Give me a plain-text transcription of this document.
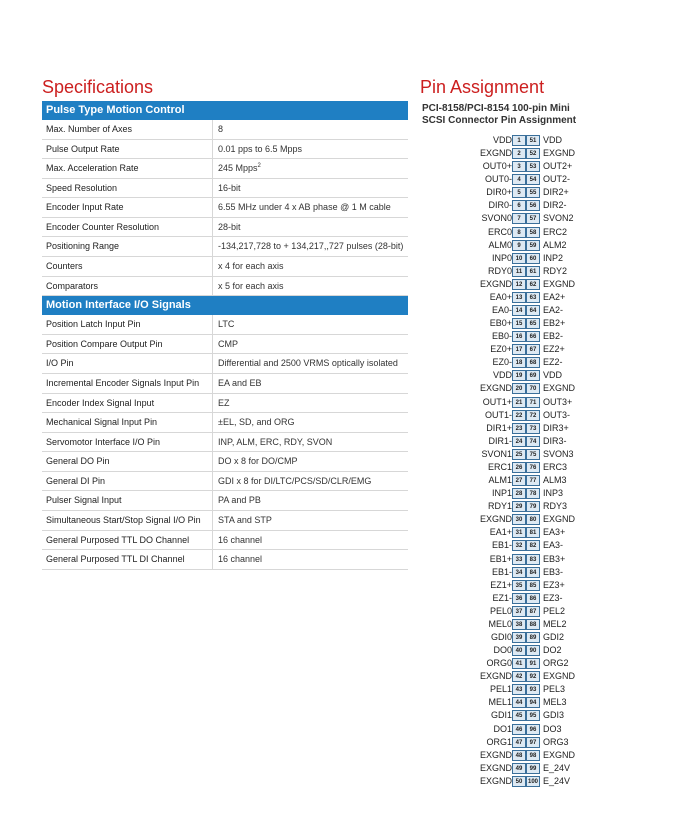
Specifications
Pulse Type Motion Control
Max. Number of Axes	8
Pulse Output Rate	0.01 pps to 6.5 Mpps
Max. Acceleration Rate	245 Mpps$^2$
Speed Resolution	16-bit
Encoder Input Rate	6.55 MHz under 4 x AB phase @ 1 M cable
Encoder Counter Resolution	28-bit
Positioning Range	-134,217,728 to + 134,217,,727 pulses (28-bit)
Counters	x 4 for each axis
Comparators	x 5 for each axis
Motion Interface I/O Signals
Position Latch Input Pin	LTC
Position Compare Output Pin	CMP
I/O Pin	Differential and 2500 VRMS optically isolated
Incremental Encoder Signals Input Pin	EA and EB
Encoder Index Signal Input	EZ
Mechanical Signal Input Pin	±EL, SD, and ORG
Servomotor Interface I/O Pin	INP, ALM, ERC, RDY, SVON
General DO Pin	DO x 8 for DO/CMP
General DI Pin	GDI x 8 for DI/LTC/PCS/SD/CLR/EMG
Pulser Signal Input	PA and PB
Simultaneous Start/Stop Signal I/O Pin	STA and STP
General Purposed TTL DO Channel	16 channel
General Purposed TTL DI Channel	16 channel
Pin Assignment
PCI-8158/PCI-8154 100-pin Mini
SCSI Connector Pin Assignment
VDD 1	51 VDD
EXGND 2	52 EXGND
OUT0+ 3	53 OUT2+
OUT0- 4	54 OUT2-
DIR0+ 5	55 DIR2+
DIR0- 6	56 DIR2-
SVON0 7	57 SVON2
ERC0 8	58 ERC2
ALM0 9	59 ALM2
INP0 10	60 INP2
RDY0 11	61 RDY2
EXGND 12	62 EXGND
EA0+ 13	63 EA2+
EA0- 14	64 EA2-
EB0+ 15	65 EB2+
EB0- 16	66 EB2-
EZ0+ 17	67 EZ2+
EZ0- 18	68 EZ2-
VDD 19	69 VDD
EXGND 20	70 EXGND
OUT1+ 21	71 OUT3+
OUT1- 22	72 OUT3-
DIR1+ 23	73 DIR3+
DIR1- 24	74 DIR3-
SVON1 25	75 SVON3
ERC1 26	76 ERC3
ALM1 27	77 ALM3
INP1 28	78 INP3
RDY1 29	79 RDY3
EXGND 30	80 EXGND
EA1+ 31	81 EA3+
EB1- 32	82 EA3-
EB1+ 33	83 EB3+
EB1- 34	84 EB3-
EZ1+ 35	85 EZ3+
EZ1- 36	86 EZ3-
PEL0 37	87 PEL2
MEL0 38	88 MEL2
GDI0 39	89 GDI2
DO0 40	90 DO2
ORG0 41	91 ORG2
EXGND 42	92 EXGND
PEL1 43	93 PEL3
MEL1 44	94 MEL3
GDI1 45	95 GDI3
DO1 46	96 DO3
ORG1 47	97 ORG3
EXGND 48	98 EXGND
EXGND 49	99 E_24V
EXGND 50 100 E_24V
